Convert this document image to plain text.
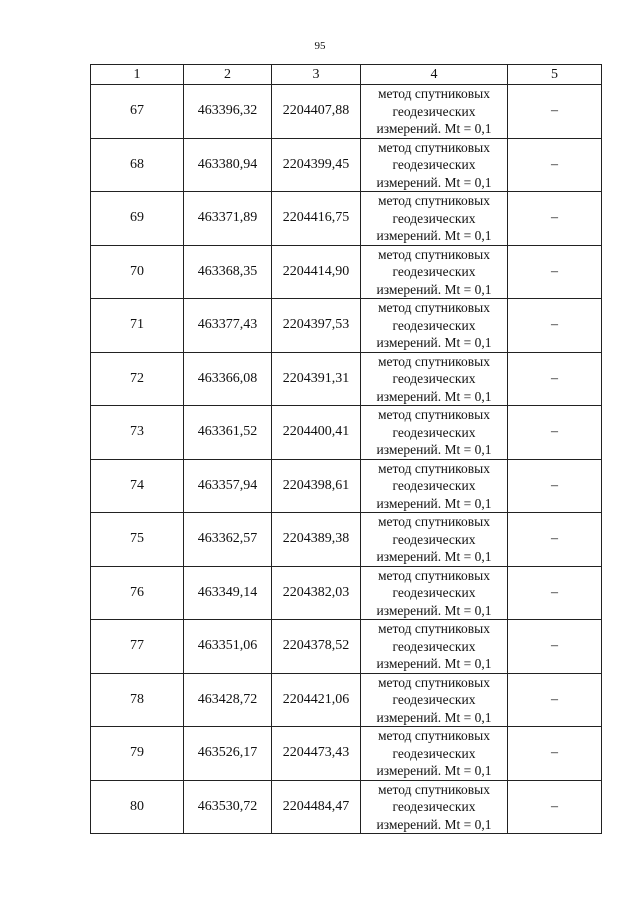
95
1	2	3	4	5
67	463396,32	2204407,88	метод спутниковых
геодезических
измерений. Mt = 0,1	–
68	463380,94	2204399,45	метод спутниковых
геодезических
измерений. Mt = 0,1	–
69	463371,89	2204416,75	метод спутниковых
геодезических
измерений. Mt = 0,1	–
70	463368,35	2204414,90	метод спутниковых
геодезических
измерений. Mt = 0,1	–
71	463377,43	2204397,53	метод спутниковых
геодезических
измерений. Mt = 0,1	–
72	463366,08	2204391,31	метод спутниковых
геодезических
измерений. Mt = 0,1	–
73	463361,52	2204400,41	метод спутниковых
геодезических
измерений. Mt = 0,1	–
74	463357,94	2204398,61	метод спутниковых
геодезических
измерений. Mt = 0,1	–
75	463362,57	2204389,38	метод спутниковых
геодезических
измерений. Mt = 0,1	–
76	463349,14	2204382,03	метод спутниковых
геодезических
измерений. Mt = 0,1	–
77	463351,06	2204378,52	метод спутниковых
геодезических
измерений. Mt = 0,1	–
78	463428,72	2204421,06	метод спутниковых
геодезических
измерений. Mt = 0,1	–
79	463526,17	2204473,43	метод спутниковых
геодезических
измерений. Mt = 0,1	–
80	463530,72	2204484,47	метод спутниковых
геодезических
измерений. Mt = 0,1	–
